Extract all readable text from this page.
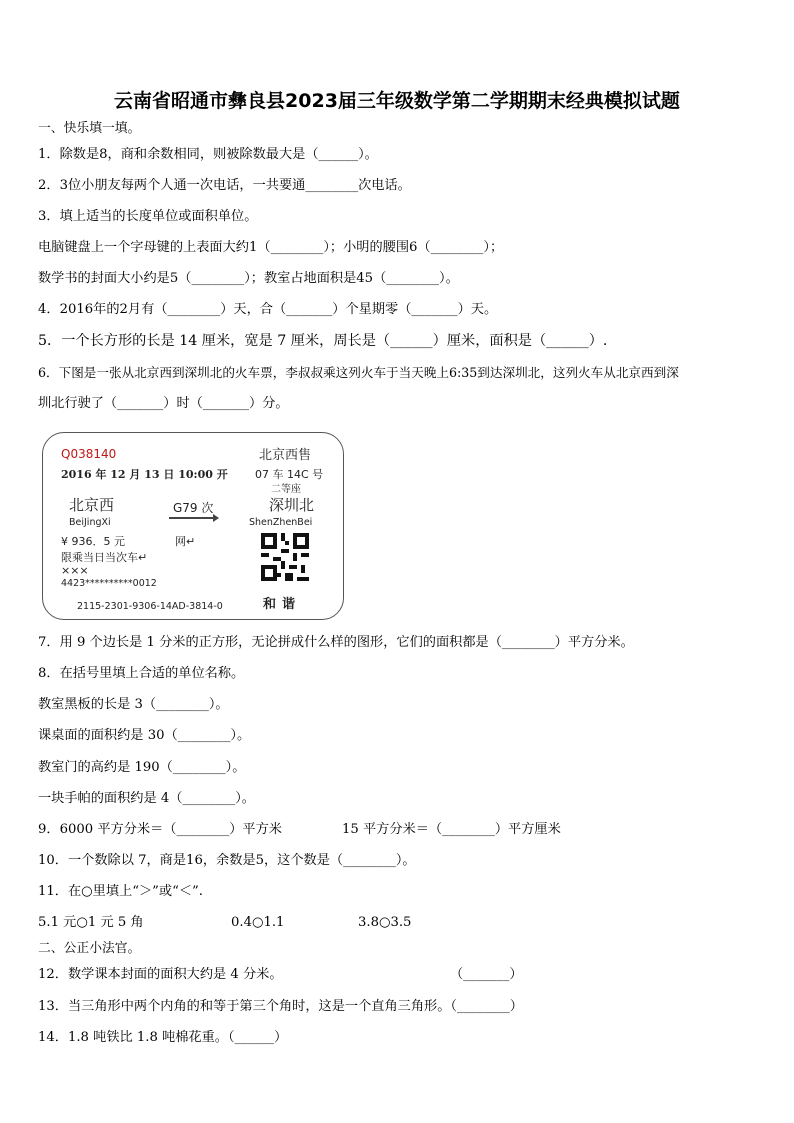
云南省昭通市彝良县2023届三年级数学第二学期期末经典模拟试题
一、快乐填一填。
1．除数是8，商和余数相同，则被除数最大是（______）。
2．3位小朋友每两个人通一次电话，一共要通________次电话。
3．填上适当的长度单位或面积单位。
电脑键盘上一个字母键的上表面大约1（________）；小明的腰围6（________）；
数学书的封面大小约是5（________）；教室占地面积是45（________）。
4．2016年的2月有（________）天，合（_______）个星期零（_______）天。
5．一个长方形的长是 14 厘米，宽是 7 厘米，周长是（______）厘米，面积是（______）.
6．下图是一张从北京西到深圳北的火车票，李叔叔乘这列火车于当天晚上6:35到达深圳北，这列火车从北京西到深
圳北行驶了（_______）时（_______）分。
Q038140	北京西售
2016 年 12 月 13 日 10:00 开 07 车 14C 号
二等座
北京西	G79 次	深圳北
BeiJingXi	ShenZhenBei
¥ 936．5 元	网↵
限乘当日当次车↵
×××
4423**********0012
2115-2301-9306-14AD-3814-0	和谐
7．用 9 个边长是 1 分米的正方形，无论拼成什么样的图形，它们的面积都是（________）平方分米。
8．在括号里填上合适的单位名称。
教室黑板的长是 3（________）。
课桌面的面积约是 30（________）。
教室门的高约是 190（________）。
一块手帕的面积约是 4（________）。
9．6000 平方分米＝（________）平方米	15 平方分米＝（________）平方厘米
10．一个数除以 7，商是16，余数是5，这个数是（________）。
11．在○里填上“＞”或“＜”.
5.1 元○1 元 5 角	0.4○1.1	3.8○3.5
二、公正小法官。
12．数学课本封面的面积大约是 4 分米。	（_______）
13．当三角形中两个内角的和等于第三个角时，这是一个直角三角形。（________）
14．1.8 吨铁比 1.8 吨棉花重。（______）
